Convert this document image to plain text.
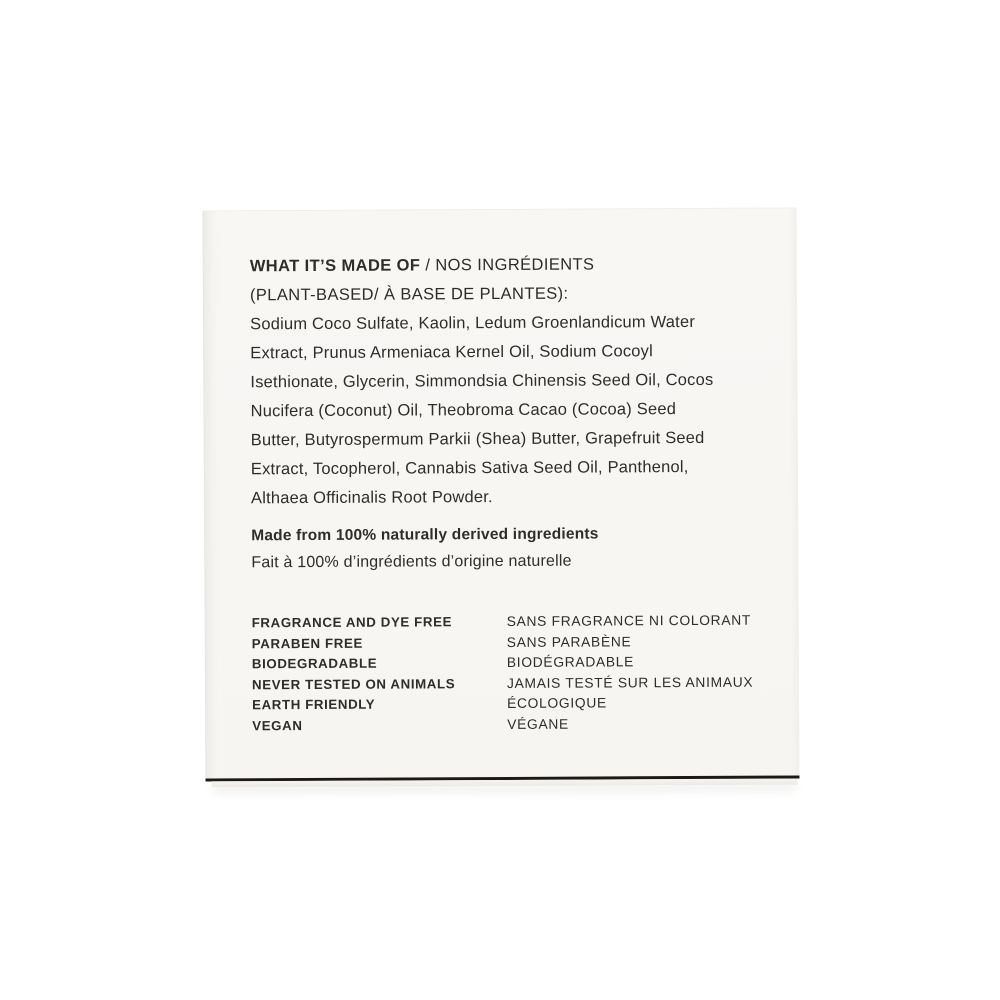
WHAT IT’S MADE OF / NOS INGRÉDIENTS
(PLANT-BASED/ À BASE DE PLANTES):
Sodium Coco Sulfate, Kaolin, Ledum Groenlandicum Water
Extract, Prunus Armeniaca Kernel Oil, Sodium Cocoyl
Isethionate, Glycerin, Simmondsia Chinensis Seed Oil, Cocos
Nucifera (Coconut) Oil, Theobroma Cacao (Cocoa) Seed
Butter, Butyrospermum Parkii (Shea) Butter, Grapefruit Seed
Extract, Tocopherol, Cannabis Sativa Seed Oil, Panthenol,
Althaea Officinalis Root Powder.
Made from 100% naturally derived ingredients
Fait à 100% d’ingrédients d’origine naturelle
FRAGRANCE AND DYE FREE	SANS FRAGRANCE NI COLORANT
PARABEN FREE	SANS PARABÈNE
BIODEGRADABLE	BIODÉGRADABLE
NEVER TESTED ON ANIMALS	JAMAIS TESTÉ SUR LES ANIMAUX
EARTH FRIENDLY	ÉCOLOGIQUE
VEGAN	VÉGANE
